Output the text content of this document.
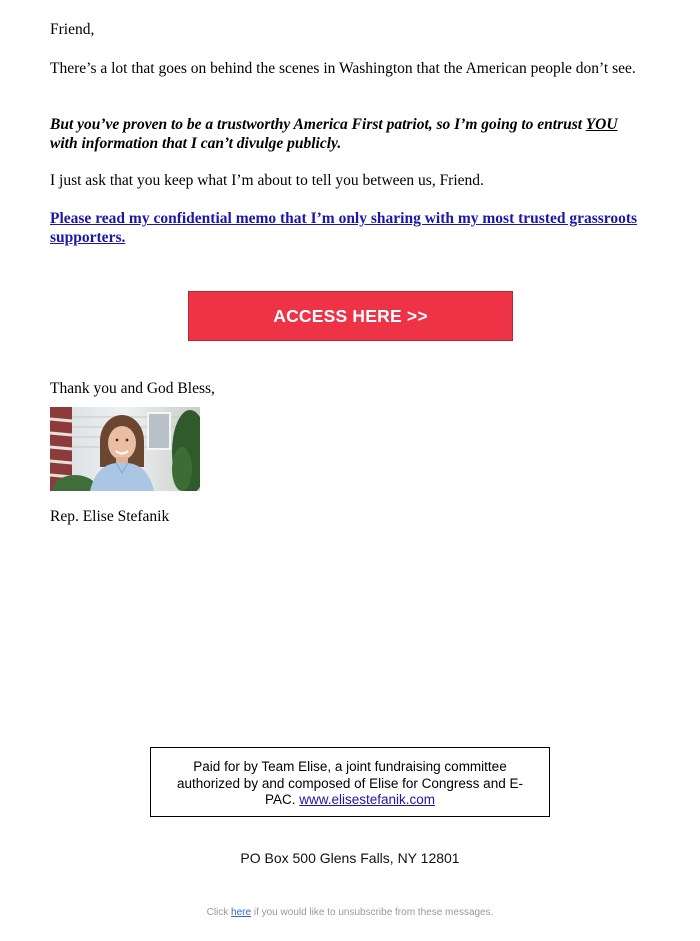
Friend,

There’s a lot that goes on behind the scenes in Washington that the American people don’t see.

But you’ve proven to be a trustworthy America First patriot, so I’m going to entrust YOU with information that I can’t divulge publicly.

I just ask that you keep what I’m about to tell you between us, Friend.

Please read my confidential memo that I’m only sharing with my most trusted grassroots supporters.

Thank you and God Bless,

Rep. Elise Stefanik

ACCESS HERE >>
Paid for by Team Elise, a joint fundraising committee authorized by and composed of Elise for Congress and E-PAC. www.elisestefanik.com
PO Box 500 Glens Falls, NY 12801
Click here if you would like to unsubscribe from these messages.
